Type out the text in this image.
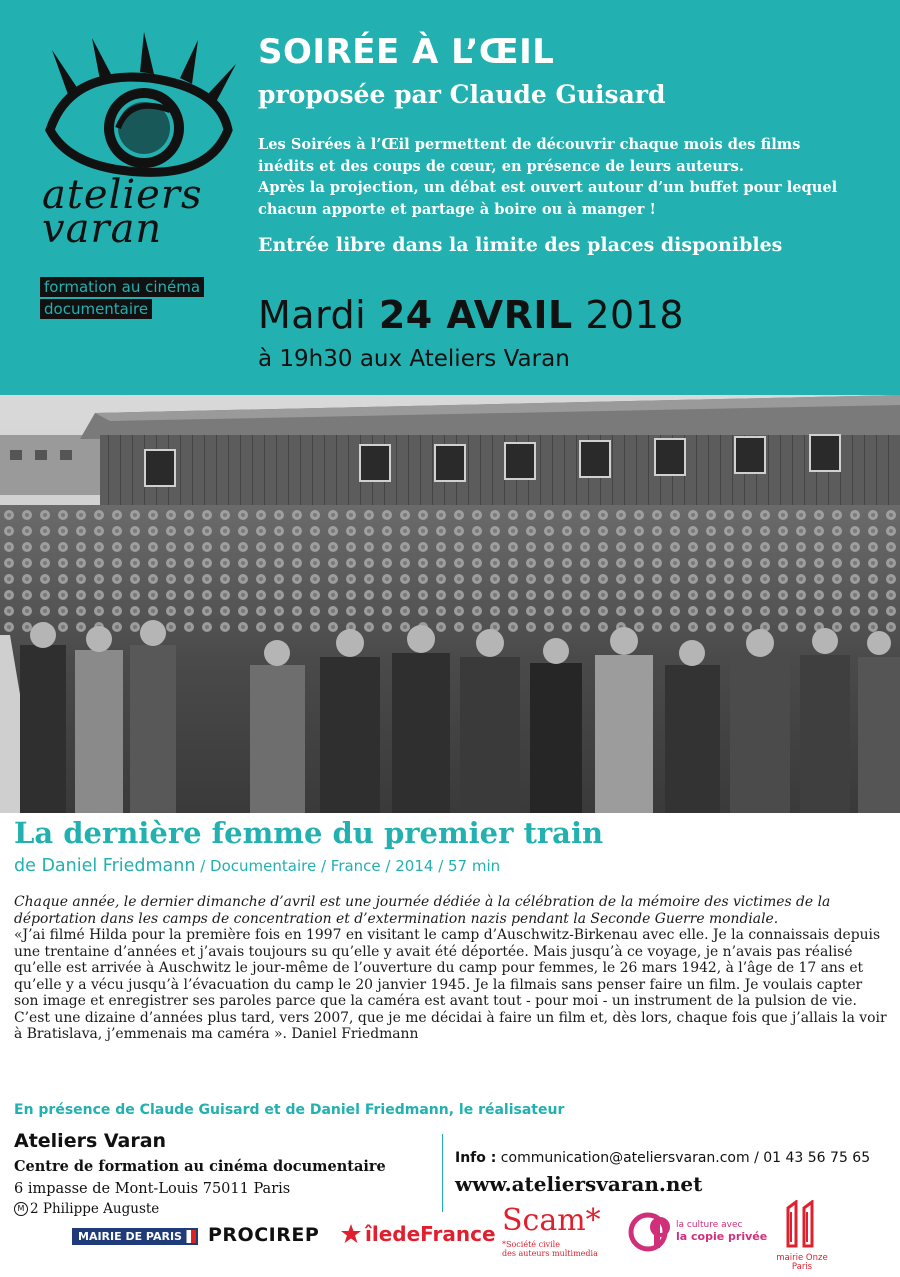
ateliers
varan
formation au cinéma
documentaire
SOIRÉE À L’ŒIL
proposée par Claude Guisard

Les Soirées à l’Œil permettent de découvrir chaque mois des films

inédits et des coups de cœur, en présence de leurs auteurs.

Après la projection, un débat est ouvert autour d’un buffet pour lequel

chacun apporte et partage à boire ou à manger !

Entrée libre dans la limite des places disponibles
Mardi 24 AVRIL 2018
à 19h30 aux Ateliers Varan
La dernière femme du premier train
de Daniel Friedmann / Documentaire / France / 2014 / 57 min

Chaque année, le dernier dimanche d’avril est une journée dédiée à la célébration de la mémoire des victimes de la déportation dans les camps de concentration et d’extermination nazis pendant la Seconde Guerre mondiale.

«J’ai filmé Hilda pour la première fois en 1997 en visitant le camp d’Auschwitz-Birkenau avec elle. Je la connaissais depuis une trentaine d’années et j’avais toujours su qu’elle y avait été déportée. Mais jusqu’à ce voyage, je n’avais pas réalisé qu’elle est arrivée à Auschwitz le jour-même de l’ouverture du camp pour femmes, le 26 mars 1942, à l’âge de 17 ans et qu’elle y a vécu jusqu’à l’évacuation du camp le 20 janvier 1945. Je la filmais sans penser faire un film. Je voulais capter son image et enregistrer ses paroles parce que la caméra est avant tout - pour moi - un instrument de la pulsion de vie.

C’est une dizaine d’années plus tard, vers 2007, que je me décidai à faire un film et, dès lors, chaque fois que j’allais la voir à Bratislava, j’emmenais ma caméra ». Daniel Friedmann

En présence de Claude Guisard et de Daniel Friedmann, le réalisateur
Ateliers Varan
Centre de formation au cinéma documentaire
6 impasse de Mont-Louis 75011 Paris
M 2 Philippe Auguste
Info : communication@ateliersvaran.com / 01 43 56 75 65
www.ateliersvaran.net
MAIRIE DE PARIS	PROCIREP îledeFrance Scam*
*Société civile
des auteurs multimedia
la culture avec
la copie privée
mairie Onze
Paris
